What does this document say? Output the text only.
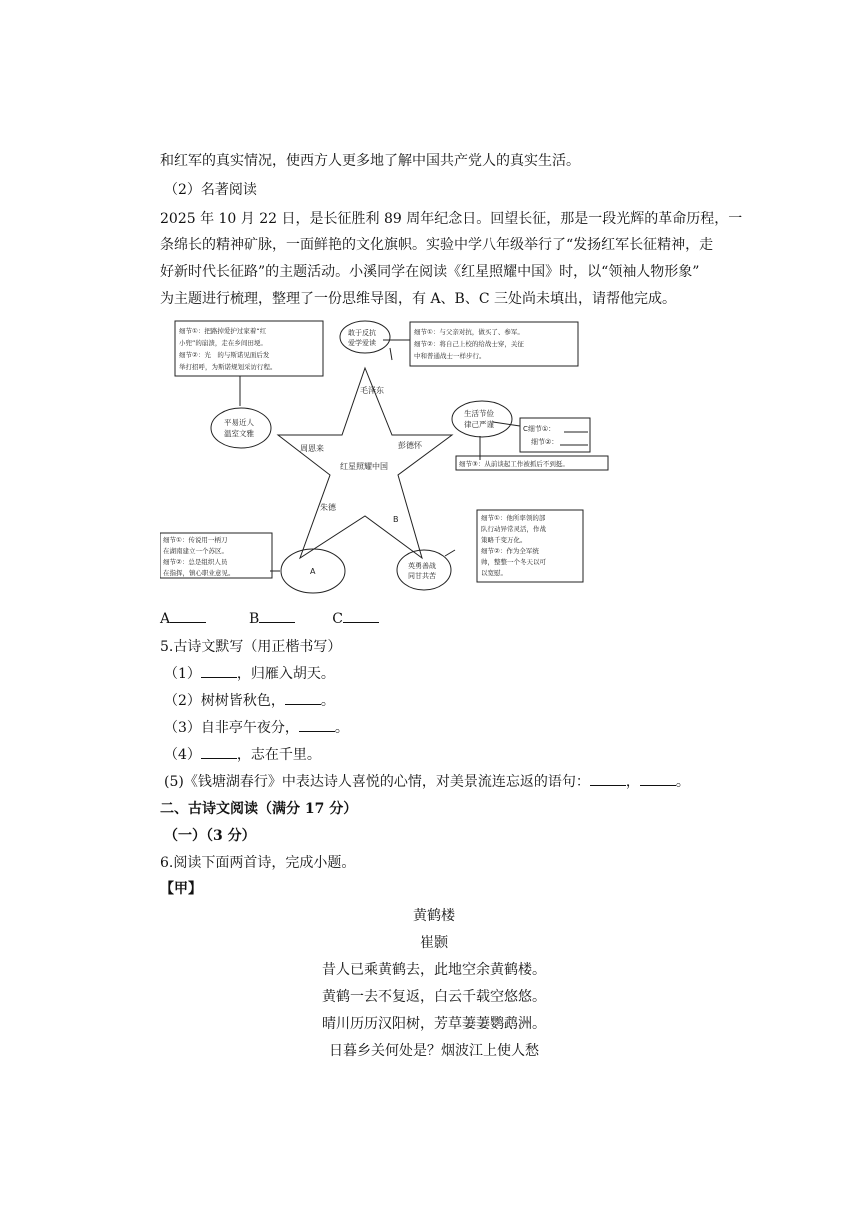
和红军的真实情况，使西方人更多地了解中国共产党人的真实生活。
（2）名著阅读
2025 年 10 月 22 日，是长征胜利 89 周年纪念日。回望长征，那是一段光辉的革命历程，一
条绵长的精神矿脉，一面鲜艳的文化旗帜。实验中学八年级举行了“发扬红军长征精神，走
好新时代长征路”的主题活动。小溪同学在阅读《红星照耀中国》时，以“领袖人物形象”
为主题进行梳理，整理了一份思维导图，有 A、B、C 三处尚未填出，请帮他完成。
红星照耀中国
毛泽东
彭德怀
B
朱德
周恩来
细节①：把路掉爱护过家着“红
小兜”的崩溃，走在乡间田埂。
细节②：光　的与斯诺见面后发
举打招呼，为斯诺规划采访行程。
平易近人
温室文雅
敢于反抗
爱学爱读
细节①：与父亲对抗，做买了、参军。
细节②：将自己上校的给战士穿，关征
中和普通战士一样步行。
生活节俭
律己严谨	C细节①：
细节②：
细节③：从前谈起工作被抓后不到挺。
细节①：传说用一柄刀
在湖南建立一个苏区。
细节②：总是组织人员
在指挥，镇心职业意见。	A
细节①：他所率领的部
队行动异常灵活，作战
策略千变万化。
细节②：作为全军统
帅，整整一个冬天以可
以宽慰。
英勇善战
同甘共苦
A	B	C
5.古诗文默写（用正楷书写）
（1）	，归雁入胡天。
（2）树树皆秋色，	。
（3）自非亭午夜分，	。
（4）	，志在千里。
(5)《钱塘湖春行》中表达诗人喜悦的心情，对美景流连忘返的语句：	，	。
二、古诗文阅读（满分 17 分）
（一）（3 分）
6.阅读下面两首诗，完成小题。
【甲】
黄鹤楼
崔颢
昔人已乘黄鹤去，此地空余黄鹤楼。
黄鹤一去不复返，白云千载空悠悠。
晴川历历汉阳树，芳草萋萋鹦鹉洲。
日暮乡关何处是？烟波江上使人愁
